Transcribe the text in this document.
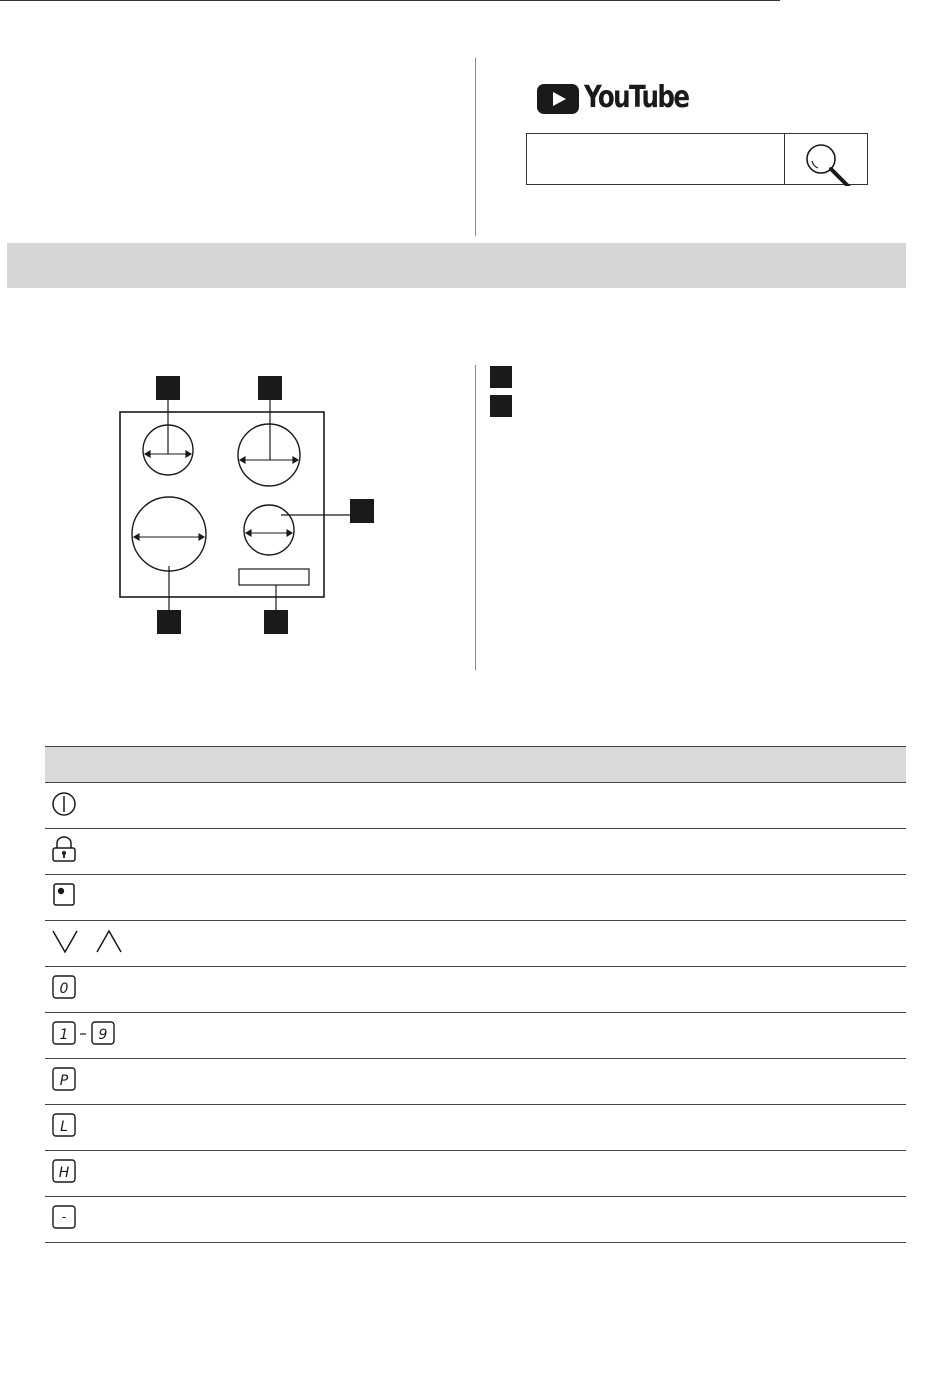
YouTube
0
1 9
P
L
H
-
